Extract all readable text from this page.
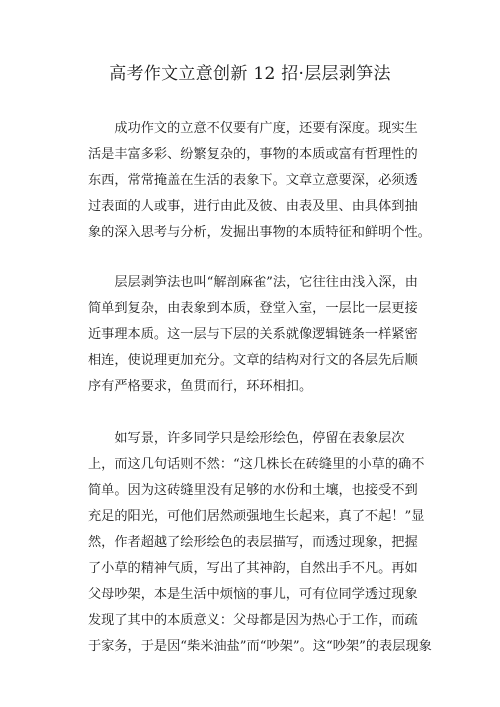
高考作文立意创新 12 招·层层剥笋法
　　成功作文的立意不仅要有广度，还要有深度。现实生
活是丰富多彩、纷繁复杂的，事物的本质或富有哲理性的
东西，常常掩盖在生活的表象下。文章立意要深，必须透
过表面的人或事，进行由此及彼、由表及里、由具体到抽
象的深入思考与分析，发掘出事物的本质特征和鲜明个性。
　　层层剥笋法也叫“解剖麻雀”法，它往往由浅入深，由
简单到复杂，由表象到本质，登堂入室，一层比一层更接
近事理本质。这一层与下层的关系就像逻辑链条一样紧密
相连，使说理更加充分。文章的结构对行文的各层先后顺
序有严格要求，鱼贯而行，环环相扣。
　　如写景，许多同学只是绘形绘色，停留在表象层次
上，而这几句话则不然：“这几株长在砖缝里的小草的确不
简单。因为这砖缝里没有足够的水份和土壤，也接受不到
充足的阳光，可他们居然顽强地生长起来，真了不起！”显
然，作者超越了绘形绘色的表层描写，而透过现象，把握
了小草的精神气质，写出了其神韵，自然出手不凡。再如
父母吵架，本是生活中烦恼的事儿，可有位同学透过现象
发现了其中的本质意义：父母都是因为热心于工作，而疏
于家务，于是因“柴米油盐”而“吵架”。这“吵架”的表层现象
